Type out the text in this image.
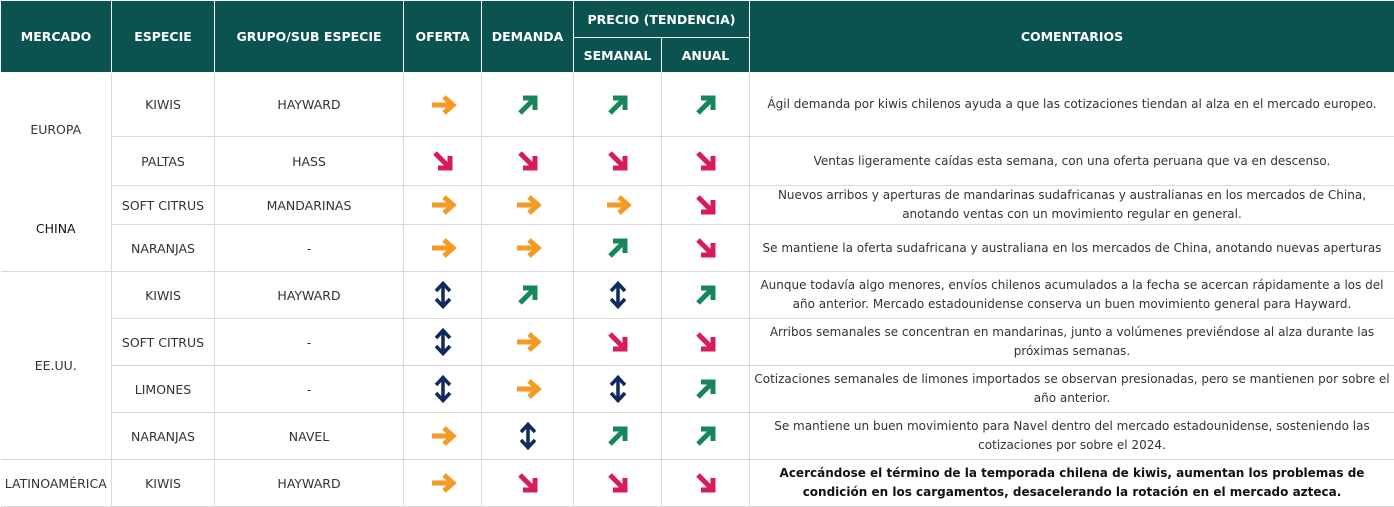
MERCADO	ESPECIE	GRUPO/SUB ESPECIE	OFERTA	DEMANDA	PRECIO (TENDENCIA)		COMENTARIOS
					SEMANAL	ANUAL	
EUROPA	KIWIS	HAYWARD					Ágil demanda por kiwis chilenos ayuda a que las cotizaciones tiendan al alza en el mercado europeo.
	PALTAS	HASS					Ventas ligeramente caídas esta semana, con una oferta peruana que va en descenso.
CHINA	SOFT CITRUS	MANDARINAS					Nuevos arribos y aperturas de mandarinas sudafricanas y australianas en los mercados de China, anotando ventas con un movimiento regular en general.
	NARANJAS	-					Se mantiene la oferta sudafricana y australiana en los mercados de China, anotando nuevas aperturas
EE.UU.	KIWIS	HAYWARD					Aunque todavía algo menores, envíos chilenos acumulados a la fecha se acercan rápidamente a los del año anterior. Mercado estadounidense conserva un buen movimiento general para Hayward.
	SOFT CITRUS	-					Arribos semanales se concentran en mandarinas, junto a volúmenes previéndose al alza durante las próximas semanas.
	LIMONES	-					Cotizaciones semanales de limones importados se observan presionadas, pero se mantienen por sobre el año anterior.
	NARANJAS	NAVEL					Se mantiene un buen movimiento para Navel dentro del mercado estadounidense, sosteniendo las cotizaciones por sobre el 2024.
LATINOAMÉRICA	KIWIS	HAYWARD					Acercándose el término de la temporada chilena de kiwis, aumentan los problemas de condición en los cargamentos, desacelerando la rotación en el mercado azteca.
